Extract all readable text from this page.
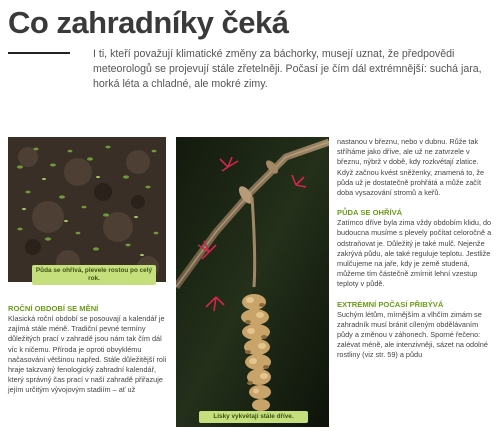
Co zahradníky čeká

I ti, kteří považují klimatické změny za báchorky, musejí uznat, že předpovědi meteorologů se projevují stále zřetelněji. Počasí je čím dál extrémnější: suchá jara, horká léta a chladné, ale mokré zimy.

Půda se ohřívá, plevele rostou po celý rok.
Lísky vykvétají stále dříve.
ROČNÍ OBDOBÍ SE MĚNÍ

Klasická roční období se posouvají a kalendář je zajímá stále méně. Tradiční pevné termíny důležitých prací v zahradě jsou nám tak čím dál víc k ničemu. Příroda je oproti obvyklému načasování většinou napřed. Stále důležitější roli hraje takzvaný fenologický zahradní kalendář, který správný čas prací v naší zahradě přiřazuje jejím určitým vývojovým stadiím – ať už

nastanou v březnu, nebo v dubnu. Růže tak stříháme jako dříve, ale už ne zatvrzele v březnu, nýbrž v době, kdy rozkvétají zlatice. Když začnou kvést sněženky, znamená to, že půda už je dostatečně prohřátá a může začít doba vysazování stromů a keřů.

PŮDA SE OHŘÍVÁ

Zatímco dříve byla zima vždy obdobím klidu, do budoucna musíme s plevely počítat celoročně a odstraňovat je. Důležitý je také mulč. Nejenže zakrývá půdu, ale také reguluje teplotu. Jestliže mulčujeme na jaře, kdy je země studená, můžeme tím částečně zmírnit lehní vzestup teploty v půdě.

EXTRÉMNÍ POČASÍ PŘIBÝVÁ

Suchým létům, mírnějším a vlhčím zimám se zahradník musí bránit cíleným obdělávaním půdy a změnou v záhonech. Sporné řečeno: zalévat méně, ale intenzivněji, sázet na odolné rostliny (viz str. 59) a půdu
